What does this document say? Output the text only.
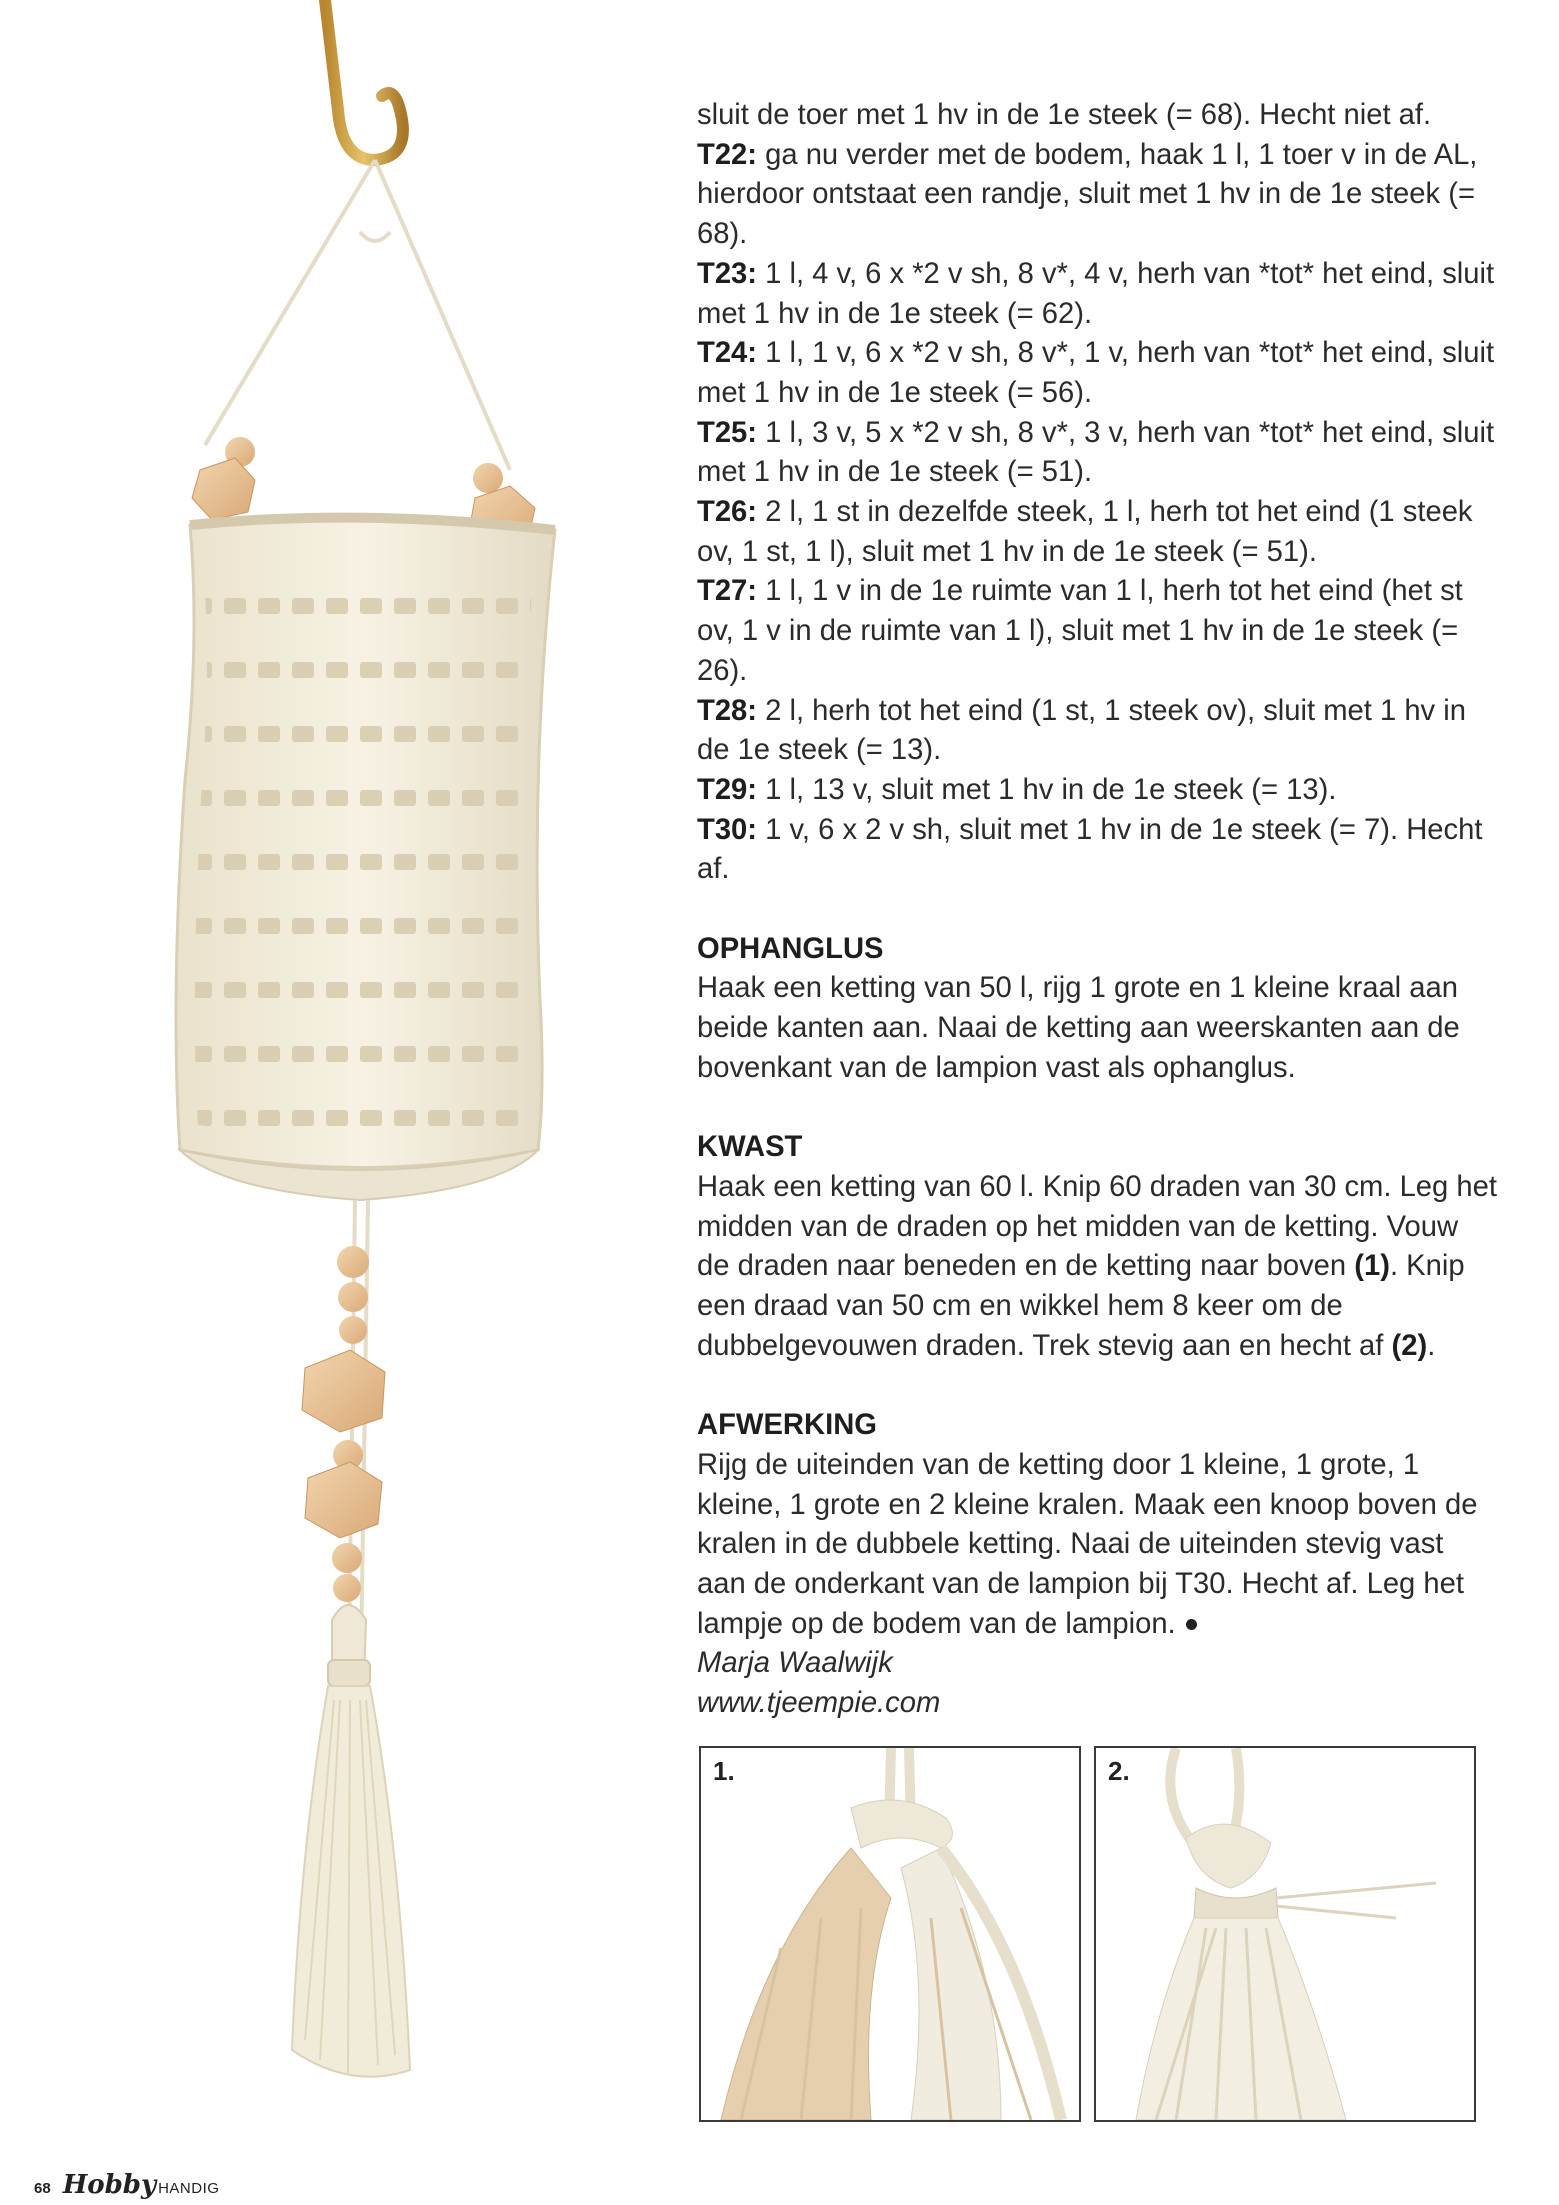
sluit de toer met 1 hv in de 1e steek (= 68). Hecht niet af.

T22: ga nu verder met de bodem, haak 1 l, 1 toer v in de AL, hierdoor ontstaat een randje, sluit met 1 hv in de 1e steek (= 68).

T23: 1 l, 4 v, 6 x *2 v sh, 8 v*, 4 v, herh van *tot* het eind, sluit met 1 hv in de 1e steek (= 62).

T24: 1 l, 1 v, 6 x *2 v sh, 8 v*, 1 v, herh van *tot* het eind, sluit met 1 hv in de 1e steek (= 56).

T25: 1 l, 3 v, 5 x *2 v sh, 8 v*, 3 v, herh van *tot* het eind, sluit met 1 hv in de 1e steek (= 51).

T26: 2 l, 1 st in dezelfde steek, 1 l, herh tot het eind (1 steek ov, 1 st, 1 l), sluit met 1 hv in de 1e steek (= 51).

T27: 1 l, 1 v in de 1e ruimte van 1 l, herh tot het eind (het st ov, 1 v in de ruimte van 1 l), sluit met 1 hv in de 1e steek (= 26).

T28: 2 l, herh tot het eind (1 st, 1 steek ov), sluit met 1 hv in de 1e steek (= 13).

T29: 1 l, 13 v, sluit met 1 hv in de 1e steek (= 13).

T30: 1 v, 6 x 2 v sh, sluit met 1 hv in de 1e steek (= 7). Hecht af.

OPHANGLUS

Haak een ketting van 50 l, rijg 1 grote en 1 kleine kraal aan beide kanten aan. Naai de ketting aan weerskanten aan de bovenkant van de lampion vast als ophanglus.

KWAST

Haak een ketting van 60 l. Knip 60 draden van 30 cm. Leg het midden van de draden op het midden van de ketting. Vouw de draden naar beneden en de ketting naar boven (1). Knip een draad van 50 cm en wikkel hem 8 keer om de dubbelgevouwen draden. Trek stevig aan en hecht af (2).

AFWERKING

Rijg de uiteinden van de ketting door 1 kleine, 1 grote, 1 kleine, 1 grote en 2 kleine kralen. Maak een knoop boven de kralen in de dubbele ketting. Naai de uiteinden stevig vast aan de onderkant van de lampion bij T30. Hecht af. Leg het lampje op de bodem van de lampion.

Marja Waalwijk

www.tjeempie.com

1.	2.
68 Hobby HANDIG
